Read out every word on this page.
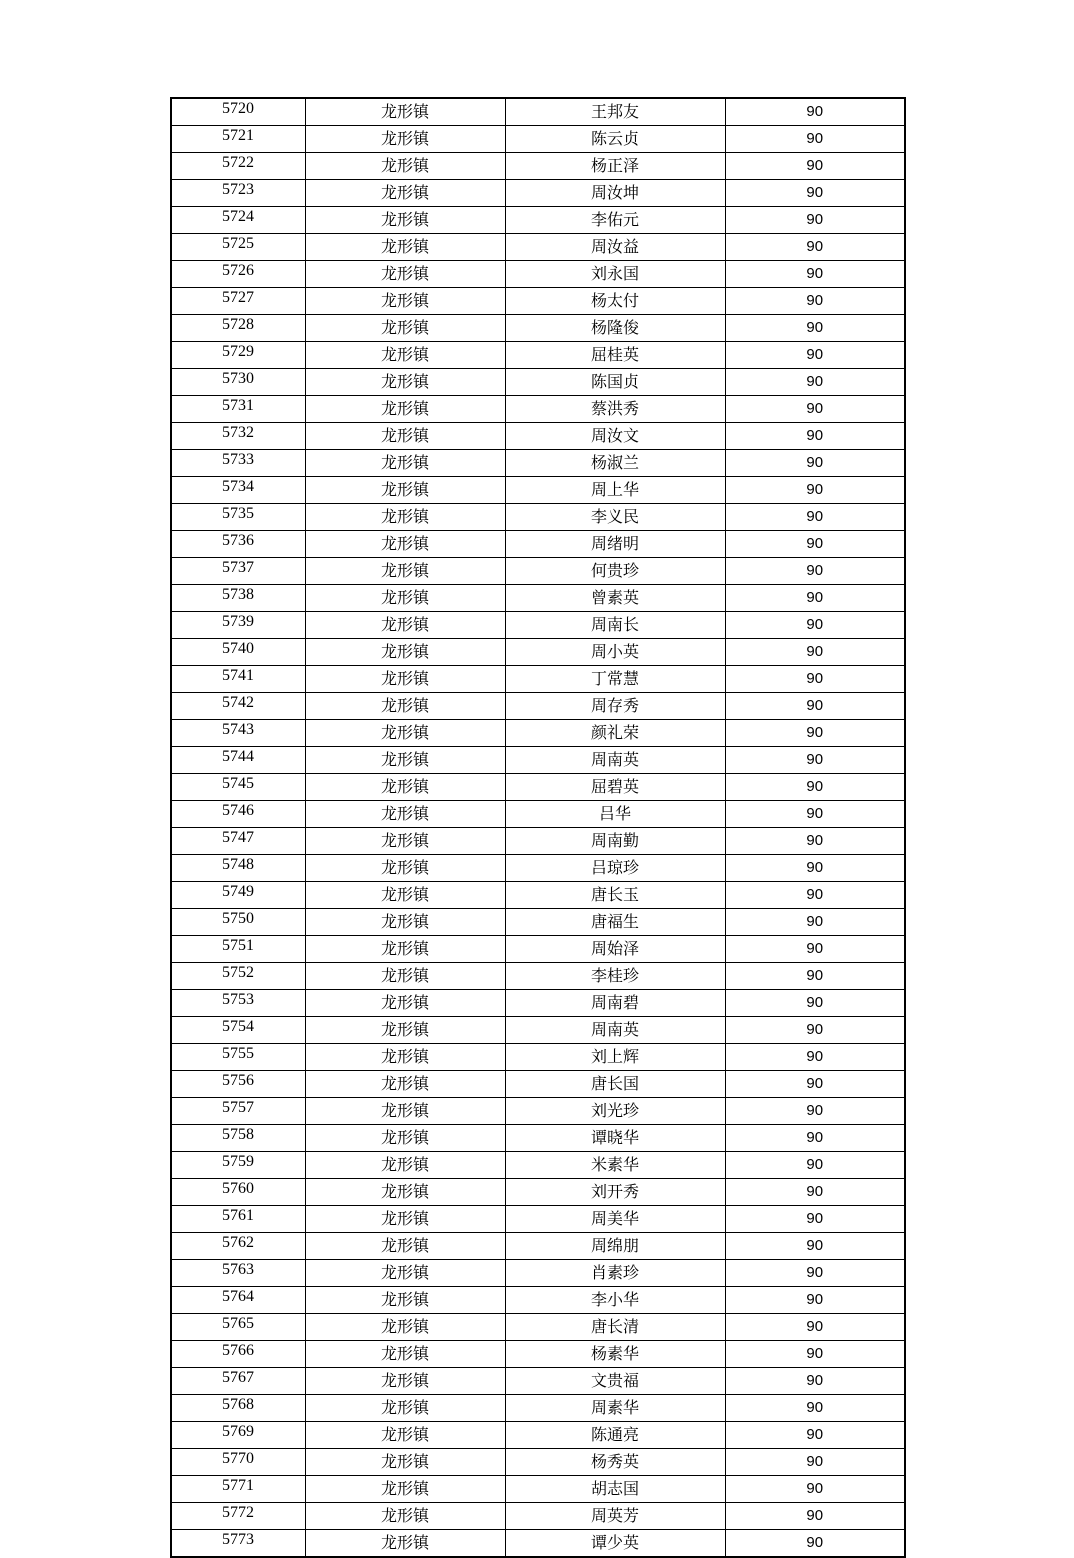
5720	龙形镇	王邦友	90
5721	龙形镇	陈云贞	90
5722	龙形镇	杨正泽	90
5723	龙形镇	周汝坤	90
5724	龙形镇	李佑元	90
5725	龙形镇	周汝益	90
5726	龙形镇	刘永国	90
5727	龙形镇	杨太付	90
5728	龙形镇	杨隆俊	90
5729	龙形镇	屈桂英	90
5730	龙形镇	陈国贞	90
5731	龙形镇	蔡洪秀	90
5732	龙形镇	周汝文	90
5733	龙形镇	杨淑兰	90
5734	龙形镇	周上华	90
5735	龙形镇	李义民	90
5736	龙形镇	周绪明	90
5737	龙形镇	何贵珍	90
5738	龙形镇	曾素英	90
5739	龙形镇	周南长	90
5740	龙形镇	周小英	90
5741	龙形镇	丁常慧	90
5742	龙形镇	周存秀	90
5743	龙形镇	颜礼荣	90
5744	龙形镇	周南英	90
5745	龙形镇	屈碧英	90
5746	龙形镇	吕华	90
5747	龙形镇	周南勤	90
5748	龙形镇	吕琼珍	90
5749	龙形镇	唐长玉	90
5750	龙形镇	唐福生	90
5751	龙形镇	周始泽	90
5752	龙形镇	李桂珍	90
5753	龙形镇	周南碧	90
5754	龙形镇	周南英	90
5755	龙形镇	刘上辉	90
5756	龙形镇	唐长国	90
5757	龙形镇	刘光珍	90
5758	龙形镇	谭晓华	90
5759	龙形镇	米素华	90
5760	龙形镇	刘开秀	90
5761	龙形镇	周美华	90
5762	龙形镇	周绵朋	90
5763	龙形镇	肖素珍	90
5764	龙形镇	李小华	90
5765	龙形镇	唐长清	90
5766	龙形镇	杨素华	90
5767	龙形镇	文贵福	90
5768	龙形镇	周素华	90
5769	龙形镇	陈通亮	90
5770	龙形镇	杨秀英	90
5771	龙形镇	胡志国	90
5772	龙形镇	周英芳	90
5773	龙形镇	谭少英	90
